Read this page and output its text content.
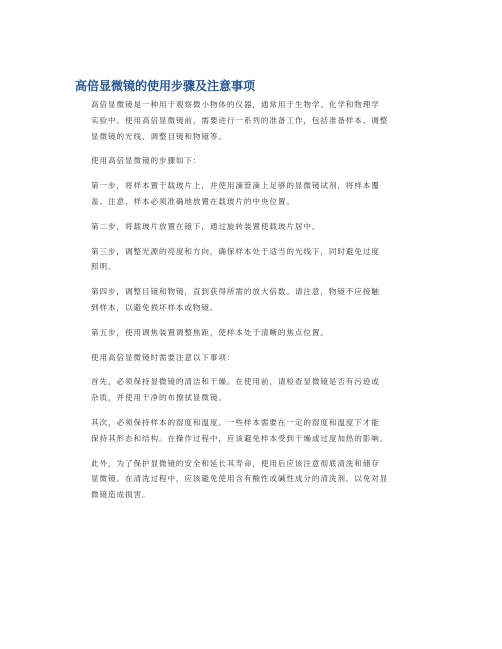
高倍显微镜的使用步骤及注意事项

高倍显微镜是一种用于观察微小物体的仪器，通常用于生物学、化学和物理学
实验中。使用高倍显微镜前，需要进行一系列的准备工作，包括准备样本、调整
显微镜的光线、调整目镜和物镜等。

使用高倍显微镜的步骤如下：

第一步，将样本置于载玻片上，并使用滴管滴上足够的显微镜试剂，将样本覆
盖。注意，样本必须准确地放置在载玻片的中央位置。

第二步，将载玻片放置在镜下，通过旋转装置使载玻片居中。

第三步，调整光源的亮度和方向，确保样本处于适当的光线下，同时避免过度
照明。

第四步，调整目镜和物镜，直到获得所需的放大倍数。请注意，物镜不应接触
到样本，以避免损坏样本或物镜。

第五步，使用调焦装置调整焦距，使样本处于清晰的焦点位置。

使用高倍显微镜时需要注意以下事项：

首先，必须保持显微镜的清洁和干燥。在使用前，请检查显微镜是否有污迹或
杂质，并使用干净的布擦拭显微镜。

其次，必须保持样本的湿度和温度。一些样本需要在一定的湿度和温度下才能
保持其形态和结构。在操作过程中，应该避免样本受到干燥或过度加热的影响。

此外，为了保护显微镜的安全和延长其寿命，使用后应该注意彻底清洗和储存
显微镜。在清洗过程中，应该避免使用含有酸性或碱性成分的清洗剂，以免对显
微镜造成损害。
